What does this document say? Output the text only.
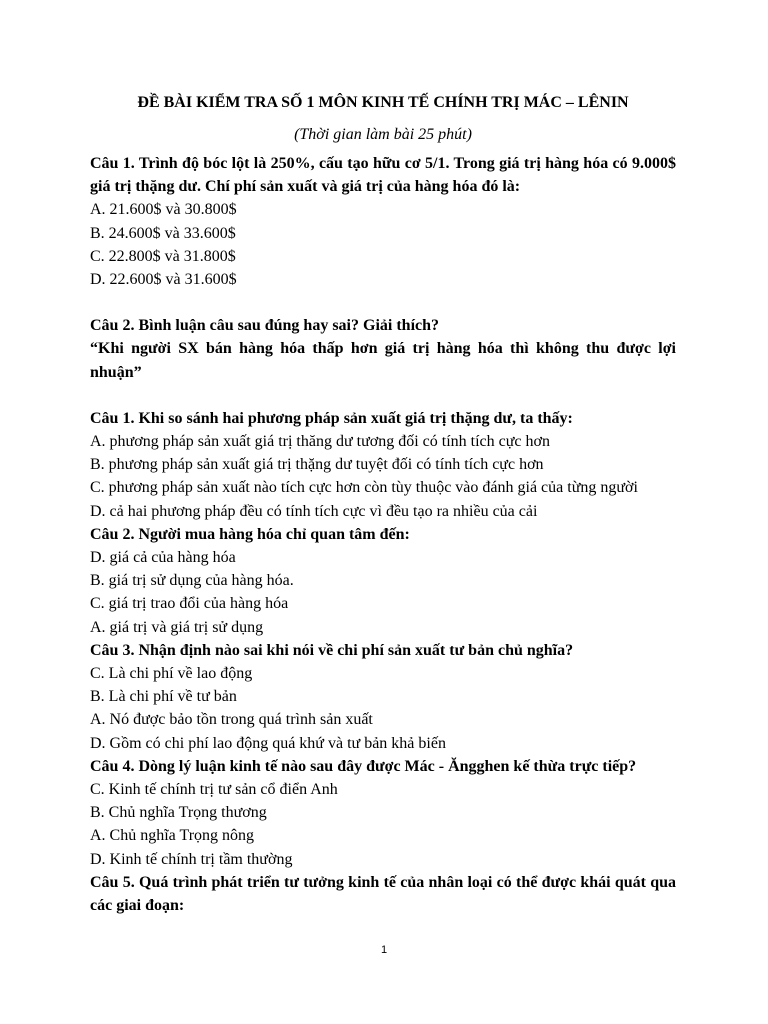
ĐỀ BÀI KIỂM TRA SỐ 1 MÔN KINH TẾ CHÍNH TRỊ MÁC – LÊNIN

(Thời gian làm bài 25 phút)

Câu 1. Trình độ bóc lột là 250%, cấu tạo hữu cơ 5/1. Trong giá trị hàng hóa có 9.000$ giá trị thặng dư. Chí phí sản xuất và giá trị của hàng hóa đó là:

A. 21.600$ và 30.800$

B. 24.600$ và 33.600$

C. 22.800$ và 31.800$

D. 22.600$ và 31.600$

Câu 2. Bình luận câu sau đúng hay sai? Giải thích?

“Khi người SX bán hàng hóa thấp hơn giá trị hàng hóa thì không thu được lợi nhuận”

Câu 1. Khi so sánh hai phương pháp sản xuất giá trị thặng dư, ta thấy:

A. phương pháp sản xuất giá trị thăng dư tương đối có tính tích cực hơn

B. phương pháp sản xuất giá trị thặng dư tuyệt đối có tính tích cực hơn

C. phương pháp sản xuất nào tích cực hơn còn tùy thuộc vào đánh giá của từng người

D. cả hai phương pháp đều có tính tích cực vì đều tạo ra nhiều của cải

Câu 2. Người mua hàng hóa chỉ quan tâm đến:

D. giá cả của hàng hóa

B. giá trị sử dụng của hàng hóa.

C. giá trị trao đổi của hàng hóa

A. giá trị và giá trị sử dụng

Câu 3. Nhận định nào sai khi nói về chi phí sản xuất tư bản chủ nghĩa?

C. Là chi phí về lao động

B. Là chi phí về tư bản

A. Nó được bảo tồn trong quá trình sản xuất

D. Gồm có chi phí lao động quá khứ và tư bản khả biến

Câu 4. Dòng lý luận kinh tế nào sau đây được Mác - Ăngghen kế thừa trực tiếp?

C. Kinh tế chính trị tư sản cổ điển Anh

B. Chủ nghĩa Trọng thương

A. Chủ nghĩa Trọng nông

D. Kinh tế chính trị tầm thường

Câu 5. Quá trình phát triển tư tưởng kinh tế của nhân loại có thể được khái quát qua các giai đoạn:

1
